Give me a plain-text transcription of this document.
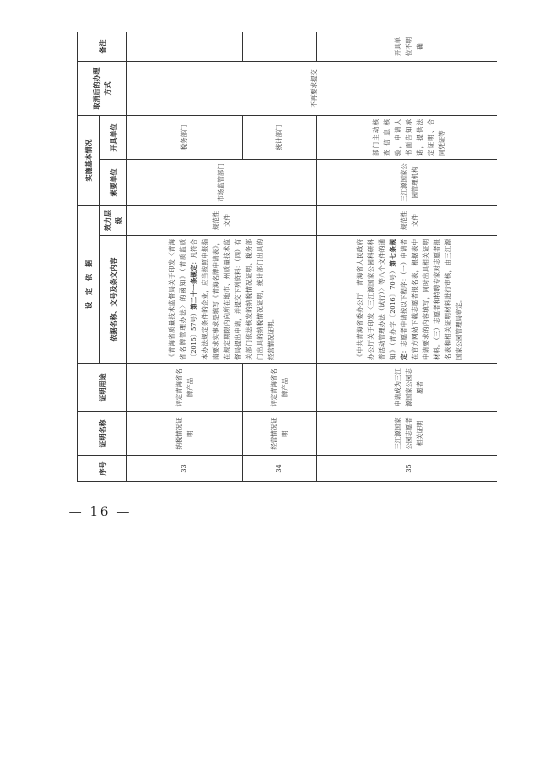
序号	证明名称	证明用途	设　定　依　据		实施基本情况		取消后的办理方式	备注
			依据名称、文号及条文内容	效力层级	索要单位	开具单位		
33	纳税情况证明	评定青海省名牌产品	《青海省质量技术监督局关于印发〈青海省名牌管理办法〉的函知》（青质监质〔2015〕57号）第二十一条规定：凡符合本办法规定条件的企业，应当按照申报指南要求实事求是填写《青海名牌申请表》，在规定期限内向所在地市、州质量技术监督局提出申请，并提交下列资料：（四）有关部门依法核发的纳税情况证明、税务部门出具的纳税情况证明，统计部门出具的经营情况证明。	规范性文件	市场监管部门	税务部门	不再要求提交	
34	经营情况证明	评定青海省名牌产品				统计部门		
35	三江源国家公园志愿者相关证明	申请成为三江源国家公园志愿者	《中共青海省委办公厅　青海省人民政府办公厅关于印发〈三江源国家公园科研科普活动管理办法（试行）〉等八个文件的通知》（青办字〔2016〕70号）第七条规定：志愿者申请按以下程序：（一）申请者在官方网站下载志愿者报名表，根据表中申请要求的内容填写，同时出具相关证明材料。（三）志愿者和特聘专家对志愿者报名表和相关证明材料进行审核，由三江源国家公园管理局审定。	规范性文件	三江源国家公园管理机构	部门主动核查信息核验，申请人书面告知承诺，提供法定证明、合同凭证等		开具单位不明确
— 16 —
